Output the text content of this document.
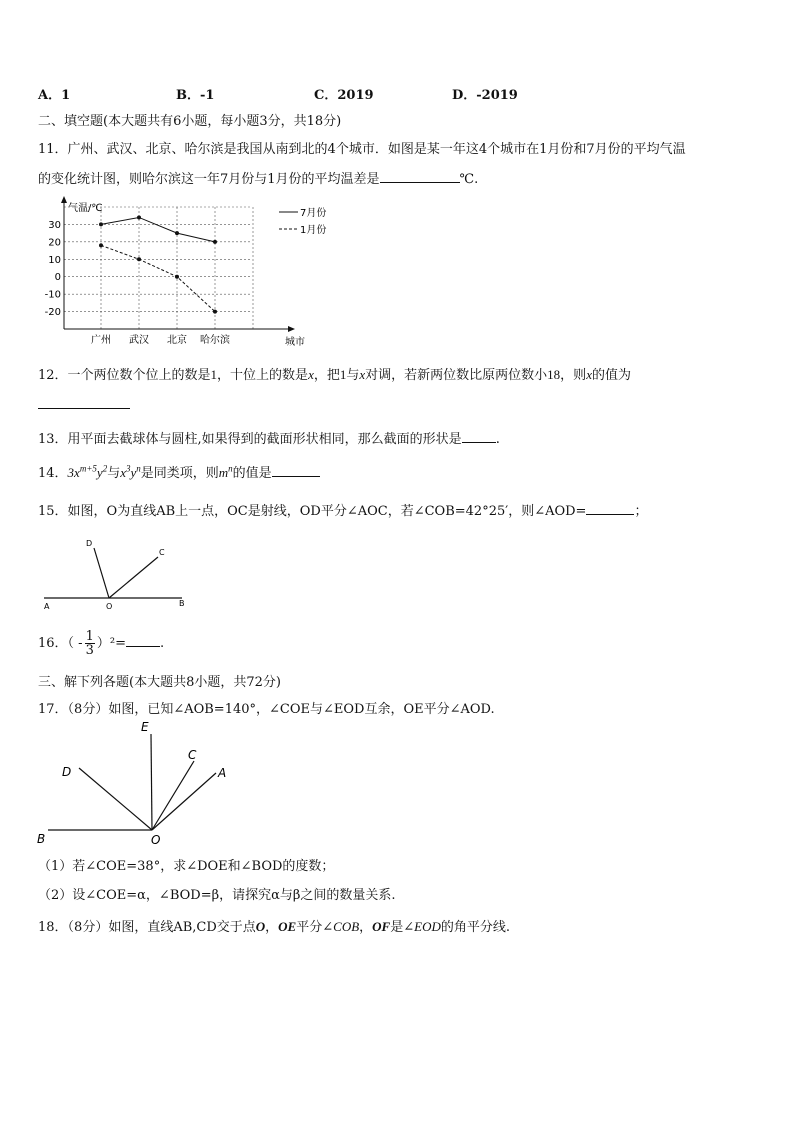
A．1	B．-1	C．2019	D．-2019
二、填空题(本大题共有6小题，每小题3分，共18分)
11．广州、武汉、北京、哈尔滨是我国从南到北的4个城市．如图是某一年这4个城市在1月份和7月份的平均气温
的变化统计图，则哈尔滨这一年7月份与1月份的平均温差是	℃.
气温/℃
城市
30
20
10
0
-10
-20
广州 武汉 北京 哈尔滨
7月份
1月份
12．一个两位数个位上的数是1，十位上的数是x，把1与x对调，若新两位数比原两位数小18，则x的值为
13．用平面去截球体与圆柱,如果得到的截面形状相同，那么截面的形状是	.
14．$3x^{m+5}y^2$与$x^3y^n$是同类项，则$m^n$的值是
15．如图，O为直线AB上一点，OC是射线，OD平分∠AOC，若∠COB=42°25′，则∠AOD=	；
A	O	B
D
C
16．（ - $\frac{1}{3} )^2=$	.
三、解下列各题(本大题共8小题，共72分)
17．（8分）如图，已知∠AOB=140°，∠COE与∠EOD互余，OE平分∠AOD.
E
C
D	A
B	O
（1）若∠COE=38°，求∠DOE和∠BOD的度数；
（2）设∠COE=α，∠BOD=β，请探究α与β之间的数量关系.
18．（8分）如图，直线AB,CD交于点O，OE平分∠COB，OF是∠EOD的角平分线.
